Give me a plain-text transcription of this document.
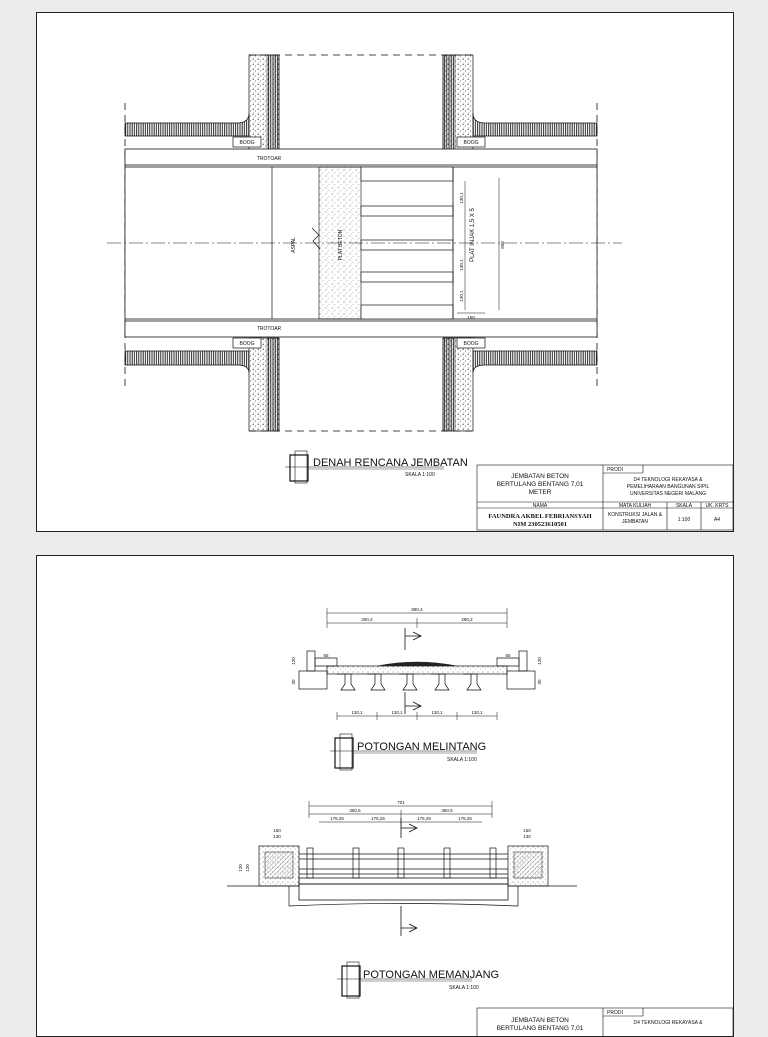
BOOG	BOOG
BOOG	BOOG
TROTOAR
TROTOAR
ASPAL	PLAT BETON	PLAT INJAK 1,5 X 5	600
130,1
130,1
130,1
150
DENAH RENCANA JEMBATAN
SKALA 1:100	JEMBATAN BETON
BERTULANG BENTANG 7,01
METER
PRODI
D4 TEKNOLOGI REKAYASA &
PEMELIHARAAN BANGUNAN SIPIL
UNIVERSITAS NEGERI MALANG
NAMA	MATA KULIAH	SKALA	UK. KRTS
FAUNDRA AKBEL FEBRIANSYAH
NIM 230523610501
KONSTRUKSI JALAN &
JEMBATAN	1:100	A4
580,4
290,2	290,2
130,1	130,1	130,1	130,1
65	65
120	120
30	30
POTONGAN MELINTANG
SKALA 1:100
701
350,5	350,5
175,25	175,25	175,25	175,25
150
130
150
130
120 120
POTONGAN MEMANJANG
SKALA 1:100
JEMBATAN BETON
BERTULANG BENTANG 7,01
PRODI
D4 TEKNOLOGI REKAYASA &
